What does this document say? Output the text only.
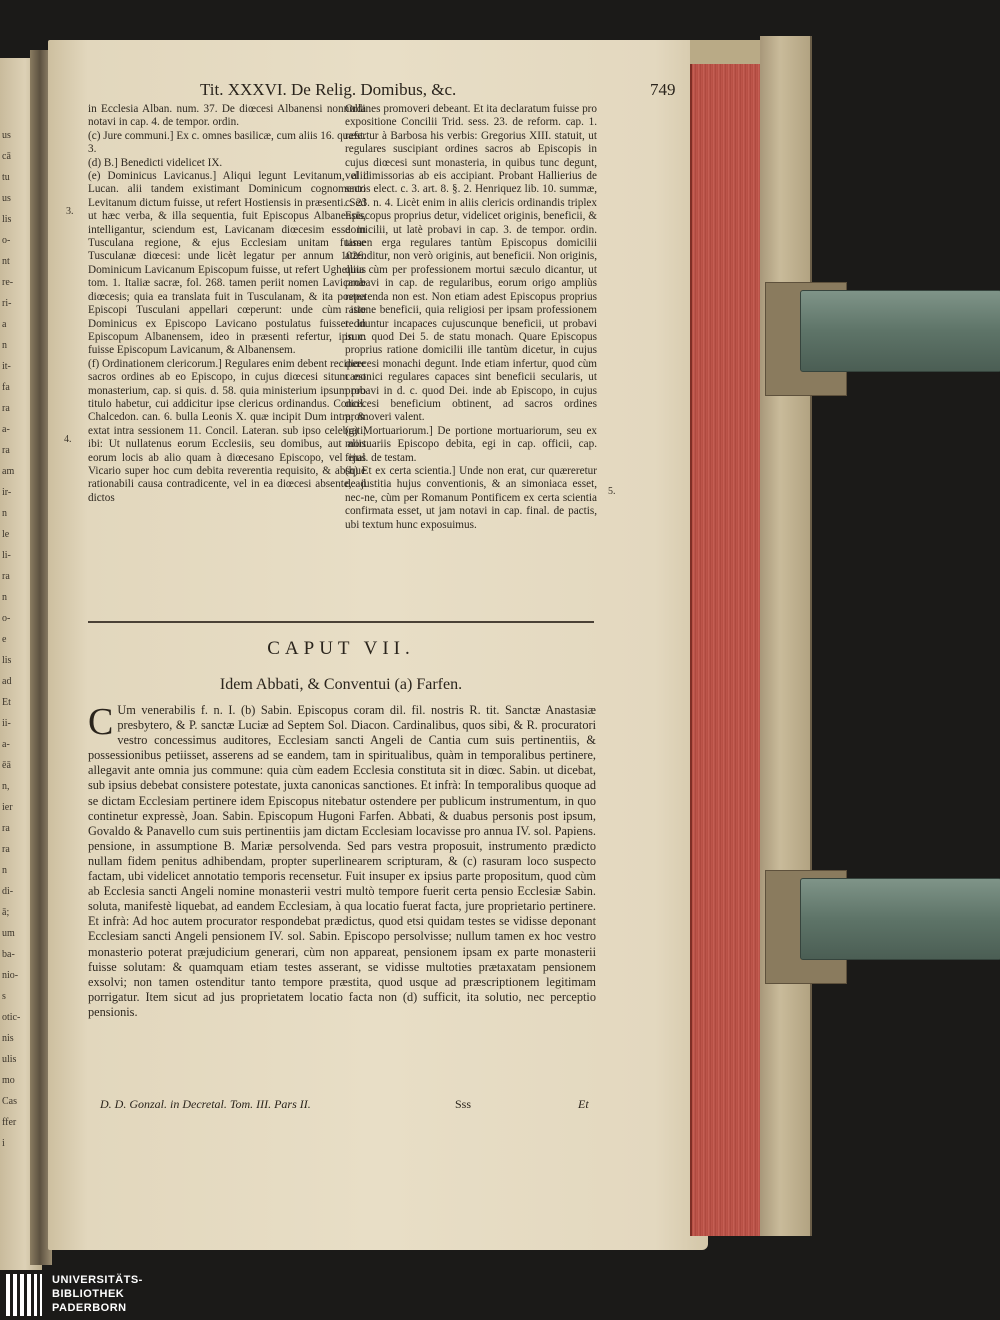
us
cā
tu
us
lis
o-
nt
re-
ri-
a
n
it-
fa
ra
a-
ra
am
ir-
n
le
li-
ra
n
o-
e
lis
ad
Et
ii-
a-
ēā
n,
ier
ra
ra
n
di-
ā;
um
ba-
nio-
s
otic-
nis
ulis
mo
Cas
ffer
i
Tit. XXXVI. De Relig. Domibus, &c.	749
3.
4.
5.

in Ecclesia Alban. num. 37. De diœcesi Albanensi nonnulla notavi in cap. 4. de tempor. ordin.

(c) Jure communi.] Ex c. omnes basilicæ, cum aliis 16. quæst. 3.

(d) B.] Benedicti videlicet IX.

(e) Dominicus Lavicanus.] Aliqui legunt Levitanum, alii Lucan. alii tandem existimant Dominicum cognomento Levitanum dictum fuisse, ut refert Hostiensis in præsenti. Sed ut hæc verba, & illa sequentia, fuit Episcopus Albanensis, intelligantur, sciendum est, Lavicanam diœcesim esse in Tusculana regione, & ejus Ecclesiam unitam fuisse Tusculanæ diœcesi: unde licèt legatur per annum 1026. Dominicum Lavicanum Episcopum fuisse, ut refert Ughellius tom. 1. Italiæ sacræ, fol. 268. tamen periit nomen Lavicanæ diœcesis; quia ea translata fuit in Tusculanam, & ita postea Episcopi Tusculani appellari cœperunt: unde cùm iste Dominicus ex Episcopo Lavicano postulatus fuisset in Episcopum Albanensem, ideo in præsenti refertur, ipsum fuisse Episcopum Lavicanum, & Albanensem.

(f) Ordinationem clericorum.] Regulares enim debent recipere sacros ordines ab eo Episcopo, in cujus diœcesi situm est monasterium, cap. si quis. d. 58. quia ministerium ipsum pro titulo habetur, cui addicitur ipse clericus ordinandus. Concil. Chalcedon. can. 6. bulla Leonis X. quæ incipit Dum intra; & extat intra sessionem 11. Concil. Lateran. sub ipso celebrati, ibi: Ut nullatenus eorum Ecclesiis, seu domibus, aut aliis eorum locis ab alio quam à diœcesano Episcopo, vel ejus Vicario super hoc cum debita reverentia requisito, & absque rationabili causa contradicente, vel in ea diœcesi absente, ad dictos

Ordines promoveri debeant. Et ita declaratum fuisse pro expositione Concilii Trid. sess. 23. de reform. cap. 1. refertur à Barbosa his verbis: Gregorius XIII. statuit, ut regulares suscipiant ordines sacros ab Episcopis in cujus diœcesi sunt monasteria, in quibus tunc degunt, vel dimissorias ab eis accipiant. Probant Hallierius de sacris elect. c. 3. art. 8. §. 2. Henriquez lib. 10. summæ, c. 23. n. 4. Licèt enim in aliis clericis ordinandis triplex Episcopus proprius detur, videlicet originis, beneficii, & domicilii, ut latè probavi in cap. 3. de tempor. ordin. tamen erga regulares tantùm Episcopus domicilii attenditur, non verò originis, aut beneficii. Non originis, quia cùm per professionem mortui sæculo dicantur, ut probavi in cap. de regularibus, eorum origo ampliùs repetenda non est. Non etiam adest Episcopus proprius ratione beneficii, quia religiosi per ipsam professionem redduntur incapaces cujuscunque beneficii, ut probavi in c. quod Dei 5. de statu monach. Quare Episcopus proprius ratione domicilii ille tantùm dicetur, in cujus diœcesi monachi degunt. Inde etiam infertur, quod cùm canonici regulares capaces sint beneficii secularis, ut probavi in d. c. quod Dei. inde ab Episcopo, in cujus diœcesi beneficium obtinent, ad sacros ordines promoveri valent.

(g) Mortuariorum.] De portione mortuariorum, seu ex mortuariis Episcopo debita, egi in cap. officii, cap. final. de testam.

(h) Et ex certa scientia.] Unde non erat, cur quæreretur de justitia hujus conventionis, & an simoniaca esset, nec-ne, cùm per Romanum Pontificem ex certa scientia confirmata esset, ut jam notavi in cap. final. de pactis, ubi textum hunc exposuimus.

CAPUT VII.
Idem Abbati, & Conventui (a) Farfen.
C Um venerabilis f. n. I. (b) Sabin. Episcopus coram dil. fil. nostris R. tit. Sanctæ Anastasiæ presbytero, & P. sanctæ Luciæ ad Septem Sol. Diacon. Cardinalibus, quos sibi, & R. procuratori vestro concessimus auditores, Ecclesiam sancti Angeli de Cantia cum suis pertinentiis, & possessionibus petiisset, asserens ad se eandem, tam in spiritualibus, quàm in temporalibus pertinere, allegavit ante omnia jus commune: quia cùm eadem Ecclesia constituta sit in diœc. Sabin. ut dicebat, sub ipsius debebat consistere potestate, juxta canonicas sanctiones. Et infrà: In temporalibus quoque ad se dictam Ecclesiam pertinere idem Episcopus nitebatur ostendere per publicum instrumentum, in quo continetur expressè, Joan. Sabin. Episcopum Hugoni Farfen. Abbati, & duabus personis post ipsum, Govaldo & Panavello cum suis pertinentiis jam dictam Ecclesiam locavisse pro annua IV. sol. Papiens. pensione, in assumptione B. Mariæ persolvenda. Sed pars vestra proposuit, instrumento prædicto nullam fidem penitus adhibendam, propter superlinearem scripturam, & (c) rasuram loco suspecto factam, ubi videlicet annotatio temporis recensetur. Fuit insuper ex ipsius parte propositum, quod cùm ab Ecclesia sancti Angeli nomine monasterii vestri multò tempore fuerit certa pensio Ecclesiæ Sabin. soluta, manifestè liquebat, ad eandem Ecclesiam, à qua locatio fuerat facta, jure proprietario pertinere. Et infrà: Ad hoc autem procurator respondebat prædictus, quod etsi quidam testes se vidisse deponant Ecclesiam sancti Angeli pensionem IV. sol. Sabin. Episcopo persolvisse; nullum tamen ex hoc vestro monasterio poterat præjudicium generari, cùm non appareat, pensionem ipsam ex parte monasterii fuisse solutam: & quamquam etiam testes asserant, se vidisse multoties prætaxatam pensionem exsolvi; non tamen ostenditur tanto tempore præstita, quod usque ad præscriptionem legitimam porrigatur. Item sicut ad jus proprietatem locatio facta non (d) sufficit, ita solutio, nec perceptio pensionis.
D. D. Gonzal. in Decretal. Tom. III. Pars II.	Sss	Et
UNIVERSITÄTS-
BIBLIOTHEK
PADERBORN
